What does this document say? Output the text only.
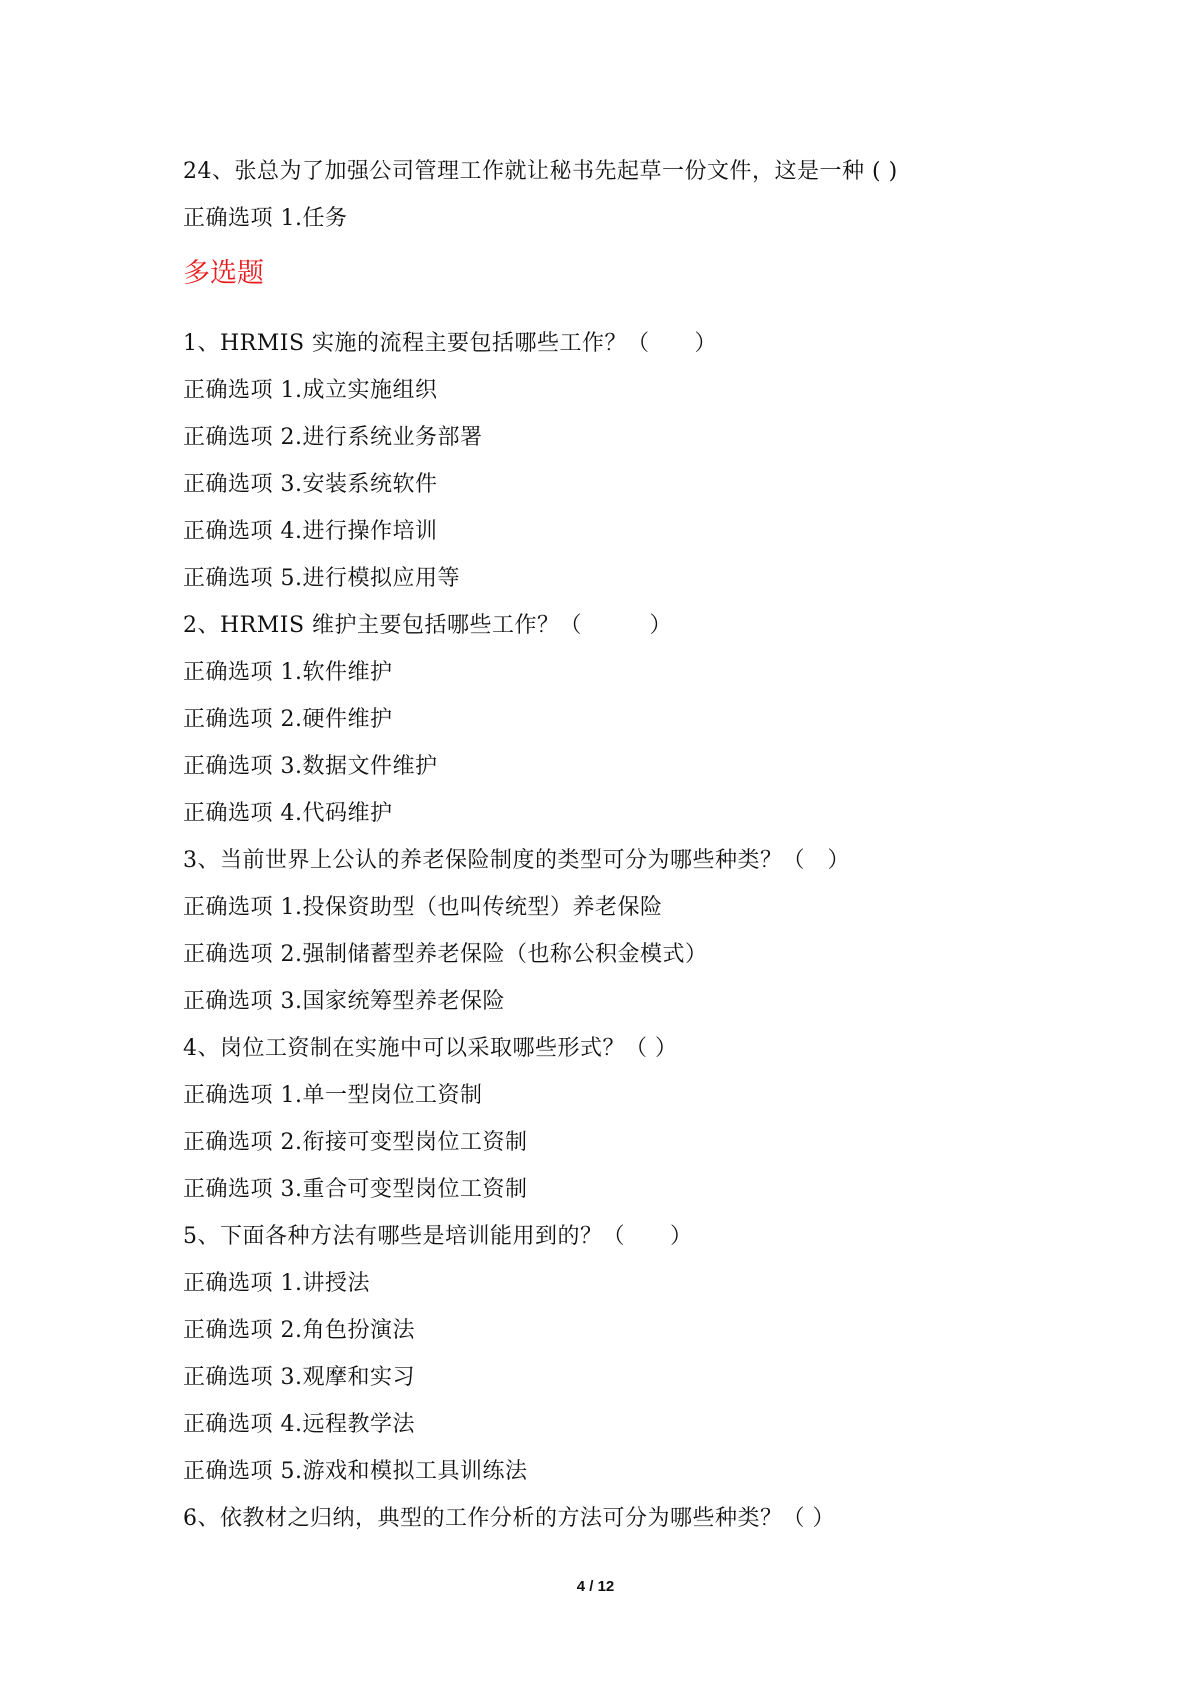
24、张总为了加强公司管理工作就让秘书先起草一份文件，这是一种 ( )
正确选项 1.任务
多选题
1、HRMIS 实施的流程主要包括哪些工作？（　　）
正确选项 1.成立实施组织
正确选项 2.进行系统业务部署
正确选项 3.安装系统软件
正确选项 4.进行操作培训
正确选项 5.进行模拟应用等
2、HRMIS 维护主要包括哪些工作？（　　　）
正确选项 1.软件维护
正确选项 2.硬件维护
正确选项 3.数据文件维护
正确选项 4.代码维护
3、当前世界上公认的养老保险制度的类型可分为哪些种类？（　）
正确选项 1.投保资助型（也叫传统型）养老保险
正确选项 2.强制储蓄型养老保险（也称公积金模式）
正确选项 3.国家统筹型养老保险
4、岗位工资制在实施中可以采取哪些形式？（ ）
正确选项 1.单一型岗位工资制
正确选项 2.衔接可变型岗位工资制
正确选项 3.重合可变型岗位工资制
5、下面各种方法有哪些是培训能用到的？（　　）
正确选项 1.讲授法
正确选项 2.角色扮演法
正确选项 3.观摩和实习
正确选项 4.远程教学法
正确选项 5.游戏和模拟工具训练法
6、依教材之归纳，典型的工作分析的方法可分为哪些种类？（ ）
4 / 12
